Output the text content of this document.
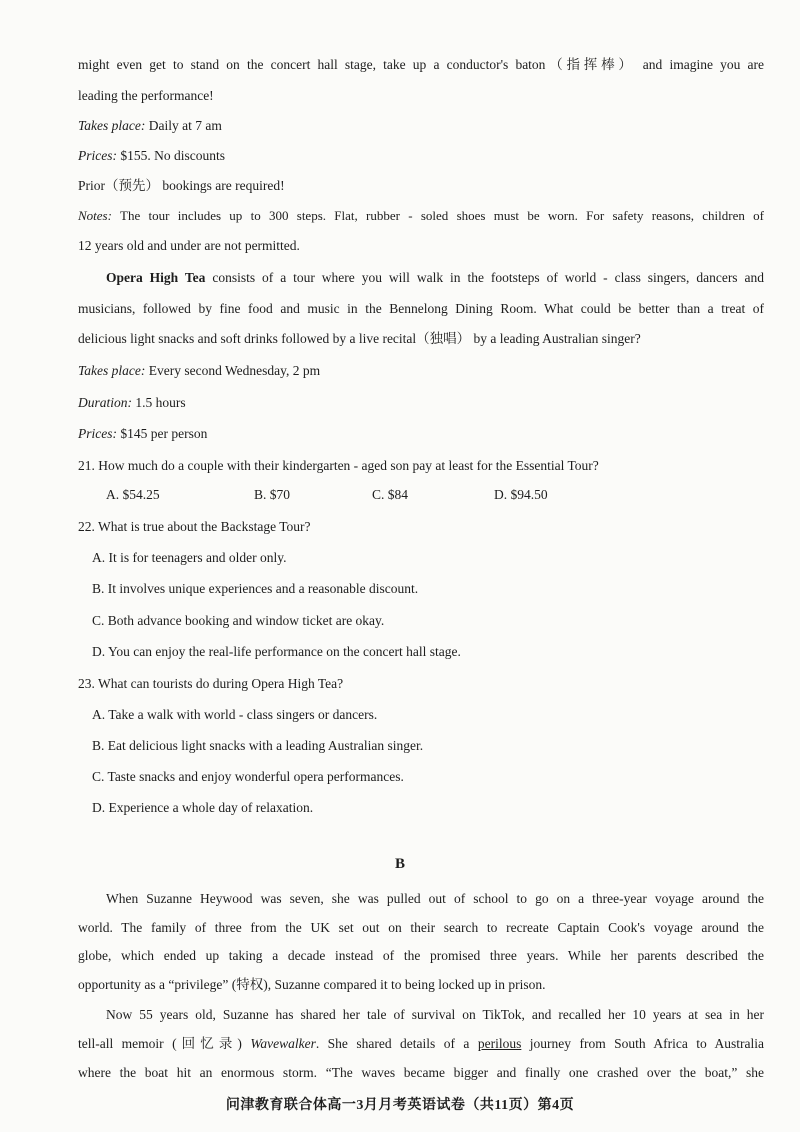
might even get to stand on the concert hall stage, take up a conductor's baton（指挥棒） and imagine you are
leading the performance!
Takes place: Daily at 7 am
Prices: $155. No discounts
Prior（预先） bookings are required!
Notes: The tour includes up to 300 steps. Flat, rubber - soled shoes must be worn. For safety reasons, children of
12 years old and under are not permitted.
Opera High Tea consists of a tour where you will walk in the footsteps of world - class singers, dancers and
musicians, followed by fine food and music in the Bennelong Dining Room. What could be better than a treat of
delicious light snacks and soft drinks followed by a live recital（独唱） by a leading Australian singer?
Takes place: Every second Wednesday, 2 pm
Duration: 1.5 hours
Prices: $145 per person
21. How much do a couple with their kindergarten - aged son pay at least for the Essential Tour?
A. $54.25	B. $70	C. $84	D. $94.50
22. What is true about the Backstage Tour?
A. It is for teenagers and older only.
B. It involves unique experiences and a reasonable discount.
C. Both advance booking and window ticket are okay.
D. You can enjoy the real-life performance on the concert hall stage.
23. What can tourists do during Opera High Tea?
A. Take a walk with world - class singers or dancers.
B. Eat delicious light snacks with a leading Australian singer.
C. Taste snacks and enjoy wonderful opera performances.
D. Experience a whole day of relaxation.
B
When Suzanne Heywood was seven, she was pulled out of school to go on a three-year voyage around the
world. The family of three from the UK set out on their search to recreate Captain Cook's voyage around the
globe, which ended up taking a decade instead of the promised three years. While her parents described the
opportunity as a “privilege” (特权), Suzanne compared it to being locked up in prison.
Now 55 years old, Suzanne has shared her tale of survival on TikTok, and recalled her 10 years at sea in her
tell-all memoir (回忆录) Wavewalker. She shared details of a perilous journey from South Africa to Australia
where the boat hit an enormous storm. “The waves became bigger and finally one crashed over the boat,” she
问津教育联合体高一3月月考英语试卷（共11页）第4页
